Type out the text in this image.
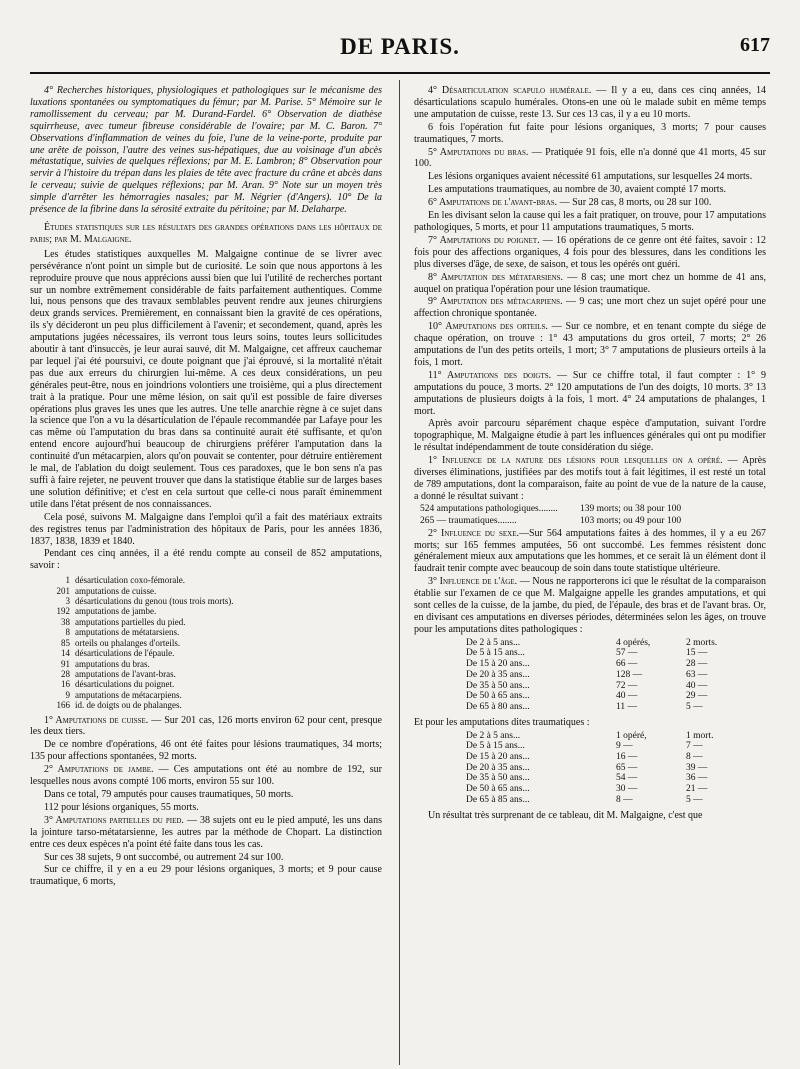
DE PARIS.	617

4° Recherches historiques, physiologiques et pathologiques sur le mécanisme des luxations spontanées ou symptomatiques du fémur; par M. Parise. 5° Mémoire sur le ramollissement du cerveau; par M. Durand-Fardel. 6° Observation de diathèse squirrheuse, avec tumeur fibreuse considérable de l'ovaire; par M. C. Baron. 7° Observations d'inflammation de veines du foie, l'une de la veine-porte, produite par une arête de poisson, l'autre des veines sus-hépatiques, due au voisinage d'un abcès métastatique, suivies de quelques réflexions; par M. E. Lambron; 8° Observation pour servir à l'histoire du trépan dans les plaies de tête avec fracture du crâne et abcès dans le cerveau; suivie de quelques réflexions; par M. Aran. 9° Note sur un moyen très simple d'arrêter les hémorragies nasales; par M. Négrier (d'Angers). 10° De la présence de la fibrine dans la sérosité extraite du péritoine; par M. Delaharpe.

Études statistiques sur les résultats des grandes opérations dans les hôpitaux de paris; par M. Malgaigne.

Les études statistiques auxquelles M. Malgaigne continue de se livrer avec persévérance n'ont point un simple but de curiosité. Le soin que nous apportons à les reproduire prouve que nous apprécions aussi bien que lui l'utilité de recherches portant sur un nombre extrêmement considérable de faits parfaitement authentiques. Comme lui, nous pensons que des travaux semblables peuvent rendre aux jeunes chirurgiens deux grands services. Premièrement, en connaissant bien la gravité de ces opérations, ils s'y décideront un peu plus difficilement à l'avenir; et secondement, quand, après les amputations jugées nécessaires, ils verront tous leurs soins, toutes leurs sollicitudes aboutir à tant d'insuccès, je leur aurai sauvé, dit M. Malgaigne, cet affreux cauchemar par lequel j'ai été poursuivi, ce doute poignant que j'ai éprouvé, si la mortalité n'était pas due aux erreurs du chirurgien lui-même. A ces deux considérations, un peu générales peut-être, nous en joindrions volontiers une troisième, qui a plus directement trait à la pratique. Pour une même lésion, on sait qu'il est possible de faire diverses opérations plus graves les unes que les autres. Une telle anarchie règne à ce sujet dans la science que l'on a vu la désarticulation de l'épaule recommandée par Lafaye pour les cas même où l'amputation du bras dans sa continuité aurait été suffisante, et qu'on entend encore aujourd'hui beaucoup de chirurgiens préférer l'amputation dans la continuité d'un métacarpien, alors qu'on pouvait se contenter, pour détruire entièrement le mal, de l'ablation du doigt seulement. Tous ces paradoxes, que le bon sens n'a pas suffi à faire rejeter, ne peuvent trouver que dans la statistique établie sur de larges bases une solution définitive; et c'est en cela surtout que celle-ci nous paraît éminemment utile dans l'état présent de nos connaissances.

Cela posé, suivons M. Malgaigne dans l'emploi qu'il a fait des matériaux extraits des registres tenus par l'administration des hôpitaux de Paris, pour les années 1836, 1837, 1838, 1839 et 1840.

Pendant ces cinq années, il a été rendu compte au conseil de 852 amputations, savoir :

1 désarticulation coxo-fémorale.
201 amputations de cuisse.
3 désarticulations du genou (tous trois morts).
192 amputations de jambe.
38 amputations partielles du pied.
8 amputations de métatarsiens.
85 orteils ou phalanges d'orteils.
14 désarticulations de l'épaule.
91 amputations du bras.
28 amputations de l'avant-bras.
16 désarticulations du poignet.
9 amputations de métacarpiens.
166 id. de doigts ou de phalanges.

1° Amputations de cuisse. — Sur 201 cas, 126 morts environ 62 pour cent, presque les deux tiers.

De ce nombre d'opérations, 46 ont été faites pour lésions traumatiques, 34 morts; 135 pour affections spontanées, 92 morts.

2° Amputations de jambe. — Ces amputations ont été au nombre de 192, sur lesquelles nous avons compté 106 morts, environ 55 sur 100.

Dans ce total, 79 amputés pour causes traumatiques, 50 morts.

112 pour lésions organiques, 55 morts.

3° Amputations partielles du pied. — 38 sujets ont eu le pied amputé, les uns dans la jointure tarso-métatarsienne, les autres par la méthode de Chopart. La distinction entre ces deux espèces n'a point été faite dans tous les cas.

Sur ces 38 sujets, 9 ont succombé, ou autrement 24 sur 100.

Sur ce chiffre, il y en a eu 29 pour lésions organiques, 3 morts; et 9 pour cause traumatique, 6 morts,

4° Désarticulation scapulo humérale. — Il y a eu, dans ces cinq années, 14 désarticulations scapulo humérales. Otons-en une où le malade subit en même temps une amputation de cuisse, reste 13. Sur ces 13 cas, il y a eu 10 morts.

6 fois l'opération fut faite pour lésions organiques, 3 morts; 7 pour causes traumatiques, 7 morts.

5° Amputations du bras. — Pratiquée 91 fois, elle n'a donné que 41 morts, 45 sur 100.

Les lésions organiques avaient nécessité 61 amputations, sur lesquelles 24 morts.

Les amputations traumatiques, au nombre de 30, avaient compté 17 morts.

6° Amputations de l'avant-bras. — Sur 28 cas, 8 morts, ou 28 sur 100.

En les divisant selon la cause qui les a fait pratiquer, on trouve, pour 17 amputations pathologiques, 5 morts, et pour 11 amputations traumatiques, 5 morts.

7° Amputations du poignet. — 16 opérations de ce genre ont été faites, savoir : 12 fois pour des affections organiques, 4 fois pour des blessures, dans les conditions les plus diverses d'âge, de sexe, de saison, et tous les opérés ont guéri.

8° Amputation des métatarsiens. — 8 cas; une mort chez un homme de 41 ans, auquel on pratiqua l'opération pour une lésion traumatique.

9° Amputation des métacarpiens. — 9 cas; une mort chez un sujet opéré pour une affection chronique spontanée.

10° Amputations des orteils. — Sur ce nombre, et en tenant compte du siége de chaque opération, on trouve : 1° 43 amputations du gros orteil, 7 morts; 2° 26 amputations de l'un des petits orteils, 1 mort; 3° 7 amputations de plusieurs orteils à la fois, 1 mort.

11° Amputations des doigts. — Sur ce chiffre total, il faut compter : 1° 9 amputations du pouce, 3 morts. 2° 120 amputations de l'un des doigts, 10 morts. 3° 13 amputations de plusieurs doigts à la fois, 1 mort. 4° 24 amputations de phalanges, 1 mort.

Après avoir parcouru séparément chaque espèce d'amputation, suivant l'ordre topographique, M. Malgaigne étudie à part les influences générales qui ont pu modifier le résultat indépendamment de toute considération du siége.

1° Influence de la nature des lésions pour lesquelles on a opéré. — Après diverses éliminations, justifiées par des motifs tout à fait légitimes, il est resté un total de 789 amputations, dont la comparaison, faite au point de vue de la nature de la cause, a donné le résultat suivant :

524 amputations pathologiques........	139 morts; ou 38 pour 100
265 — traumatiques........	103 morts; ou 49 pour 100

2° Influence du sexe.—Sur 564 amputations faites à des hommes, il y a eu 267 morts; sur 165 femmes amputées, 56 ont succombé. Les femmes résistent donc généralement mieux aux amputations que les hommes, et ce serait là un élément dont il faudrait tenir compte avec beaucoup de soin dans toute statistique ultérieure.

3° Influence de l'âge. — Nous ne rapporterons ici que le résultat de la comparaison établie sur l'examen de ce que M. Malgaigne appelle les grandes amputations, et qui sont celles de la cuisse, de la jambe, du pied, de l'épaule, des bras et de l'avant bras. Or, en divisant ces amputations en diverses périodes, déterminées selon les âges, on trouve pour les amputations dites pathologiques :

De 2 à 5 ans...	4 opérés,	2 morts.
De 5 à 15 ans...	57 —	15 —
De 15 à 20 ans...	66 —	28 —
De 20 à 35 ans...	128 —	63 —
De 35 à 50 ans...	72 —	40 —
De 50 à 65 ans...	40 —	29 —
De 65 à 80 ans...	11 —	5 —

Et pour les amputations dites traumatiques :

De 2 à 5 ans...	1 opéré,	1 mort.
De 5 à 15 ans...	9 —	7 —
De 15 à 20 ans...	16 —	8 —
De 20 à 35 ans...	65 —	39 —
De 35 à 50 ans...	54 —	36 —
De 50 à 65 ans...	30 —	21 —
De 65 à 85 ans...	8 —	5 —

Un résultat très surprenant de ce tableau, dit M. Malgaigne, c'est que
